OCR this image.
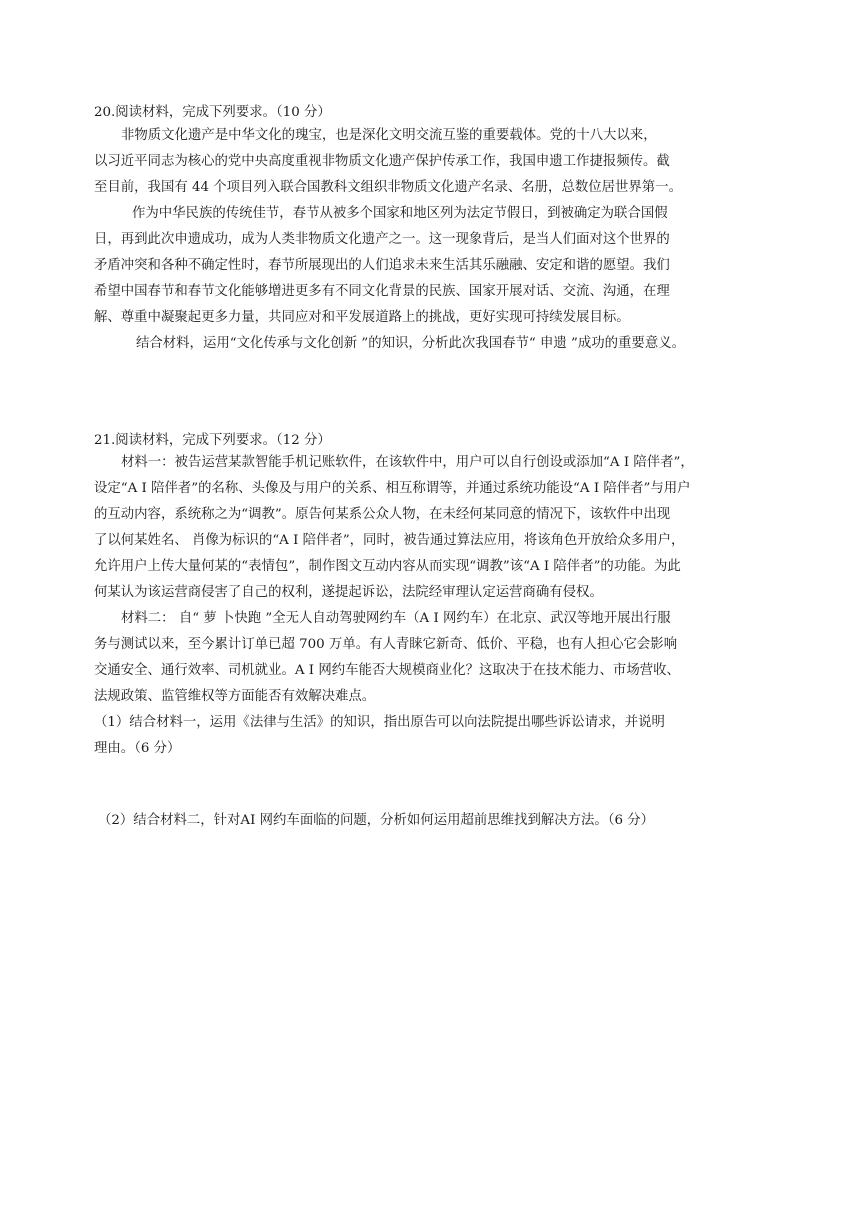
20.阅读材料，完成下列要求。（10 分）
非物质文化遗产是中华文化的瑰宝，也是深化文明交流互鉴的重要载体。党的十八大以来，
以习近平同志为核心的党中央高度重视非物质文化遗产保护传承工作，我国申遗工作捷报频传。截
至目前，我国有 44 个项目列入联合国教科文组织非物质文化遗产名录、名册，总数位居世界第一。
作为中华民族的传统佳节，春节从被多个国家和地区列为法定节假日，到被确定为联合国假
日，再到此次申遗成功，成为人类非物质文化遗产之一。这一现象背后，是当人们面对这个世界的
矛盾冲突和各种不确定性时，春节所展现出的人们追求未来生活其乐融融、安定和谐的愿望。我们
希望中国春节和春节文化能够增进更多有不同文化背景的民族、国家开展对话、交流、沟通，在理
解、尊重中凝聚起更多力量，共同应对和平发展道路上的挑战，更好实现可持续发展目标。
结合材料，运用“文化传承与文化创新 ”的知识，分析此次我国春节“ 申遗 ”成功的重要意义。
21.阅读材料，完成下列要求。（12 分）
材料一：被告运营某款智能手机记账软件，在该软件中，用户可以自行创设或添加“A I 陪伴者”，
设定“A I 陪伴者”的名称、头像及与用户的关系、相互称谓等，并通过系统功能设“A I 陪伴者”与用户
的互动内容，系统称之为“调教”。原告何某系公众人物，在未经何某同意的情况下，该软件中出现
了以何某姓名、 肖像为标识的“A I 陪伴者”，同时，被告通过算法应用，将该角色开放给众多用户，
允许用户上传大量何某的“表情包”，制作图文互动内容从而实现“调教”该“A I 陪伴者”的功能。为此
何某认为该运营商侵害了自己的权利，遂提起诉讼，法院经审理认定运营商确有侵权。
材料二： 自“ 萝 卜快跑 ”全无人自动驾驶网约车（A I 网约车）在北京、武汉等地开展出行服
务与测试以来，至今累计订单已超 700 万单。有人青睐它新奇、低价、平稳，也有人担心它会影响
交通安全、通行效率、司机就业。A I 网约车能否大规模商业化？这取决于在技术能力、市场营收、
法规政策、监管维权等方面能否有效解决难点。
（1）结合材料一，运用《法律与生活》的知识，指出原告可以向法院提出哪些诉讼请求，并说明
理由。（6 分）
（2）结合材料二，针对AI 网约车面临的问题，分析如何运用超前思维找到解决方法。（6 分）
